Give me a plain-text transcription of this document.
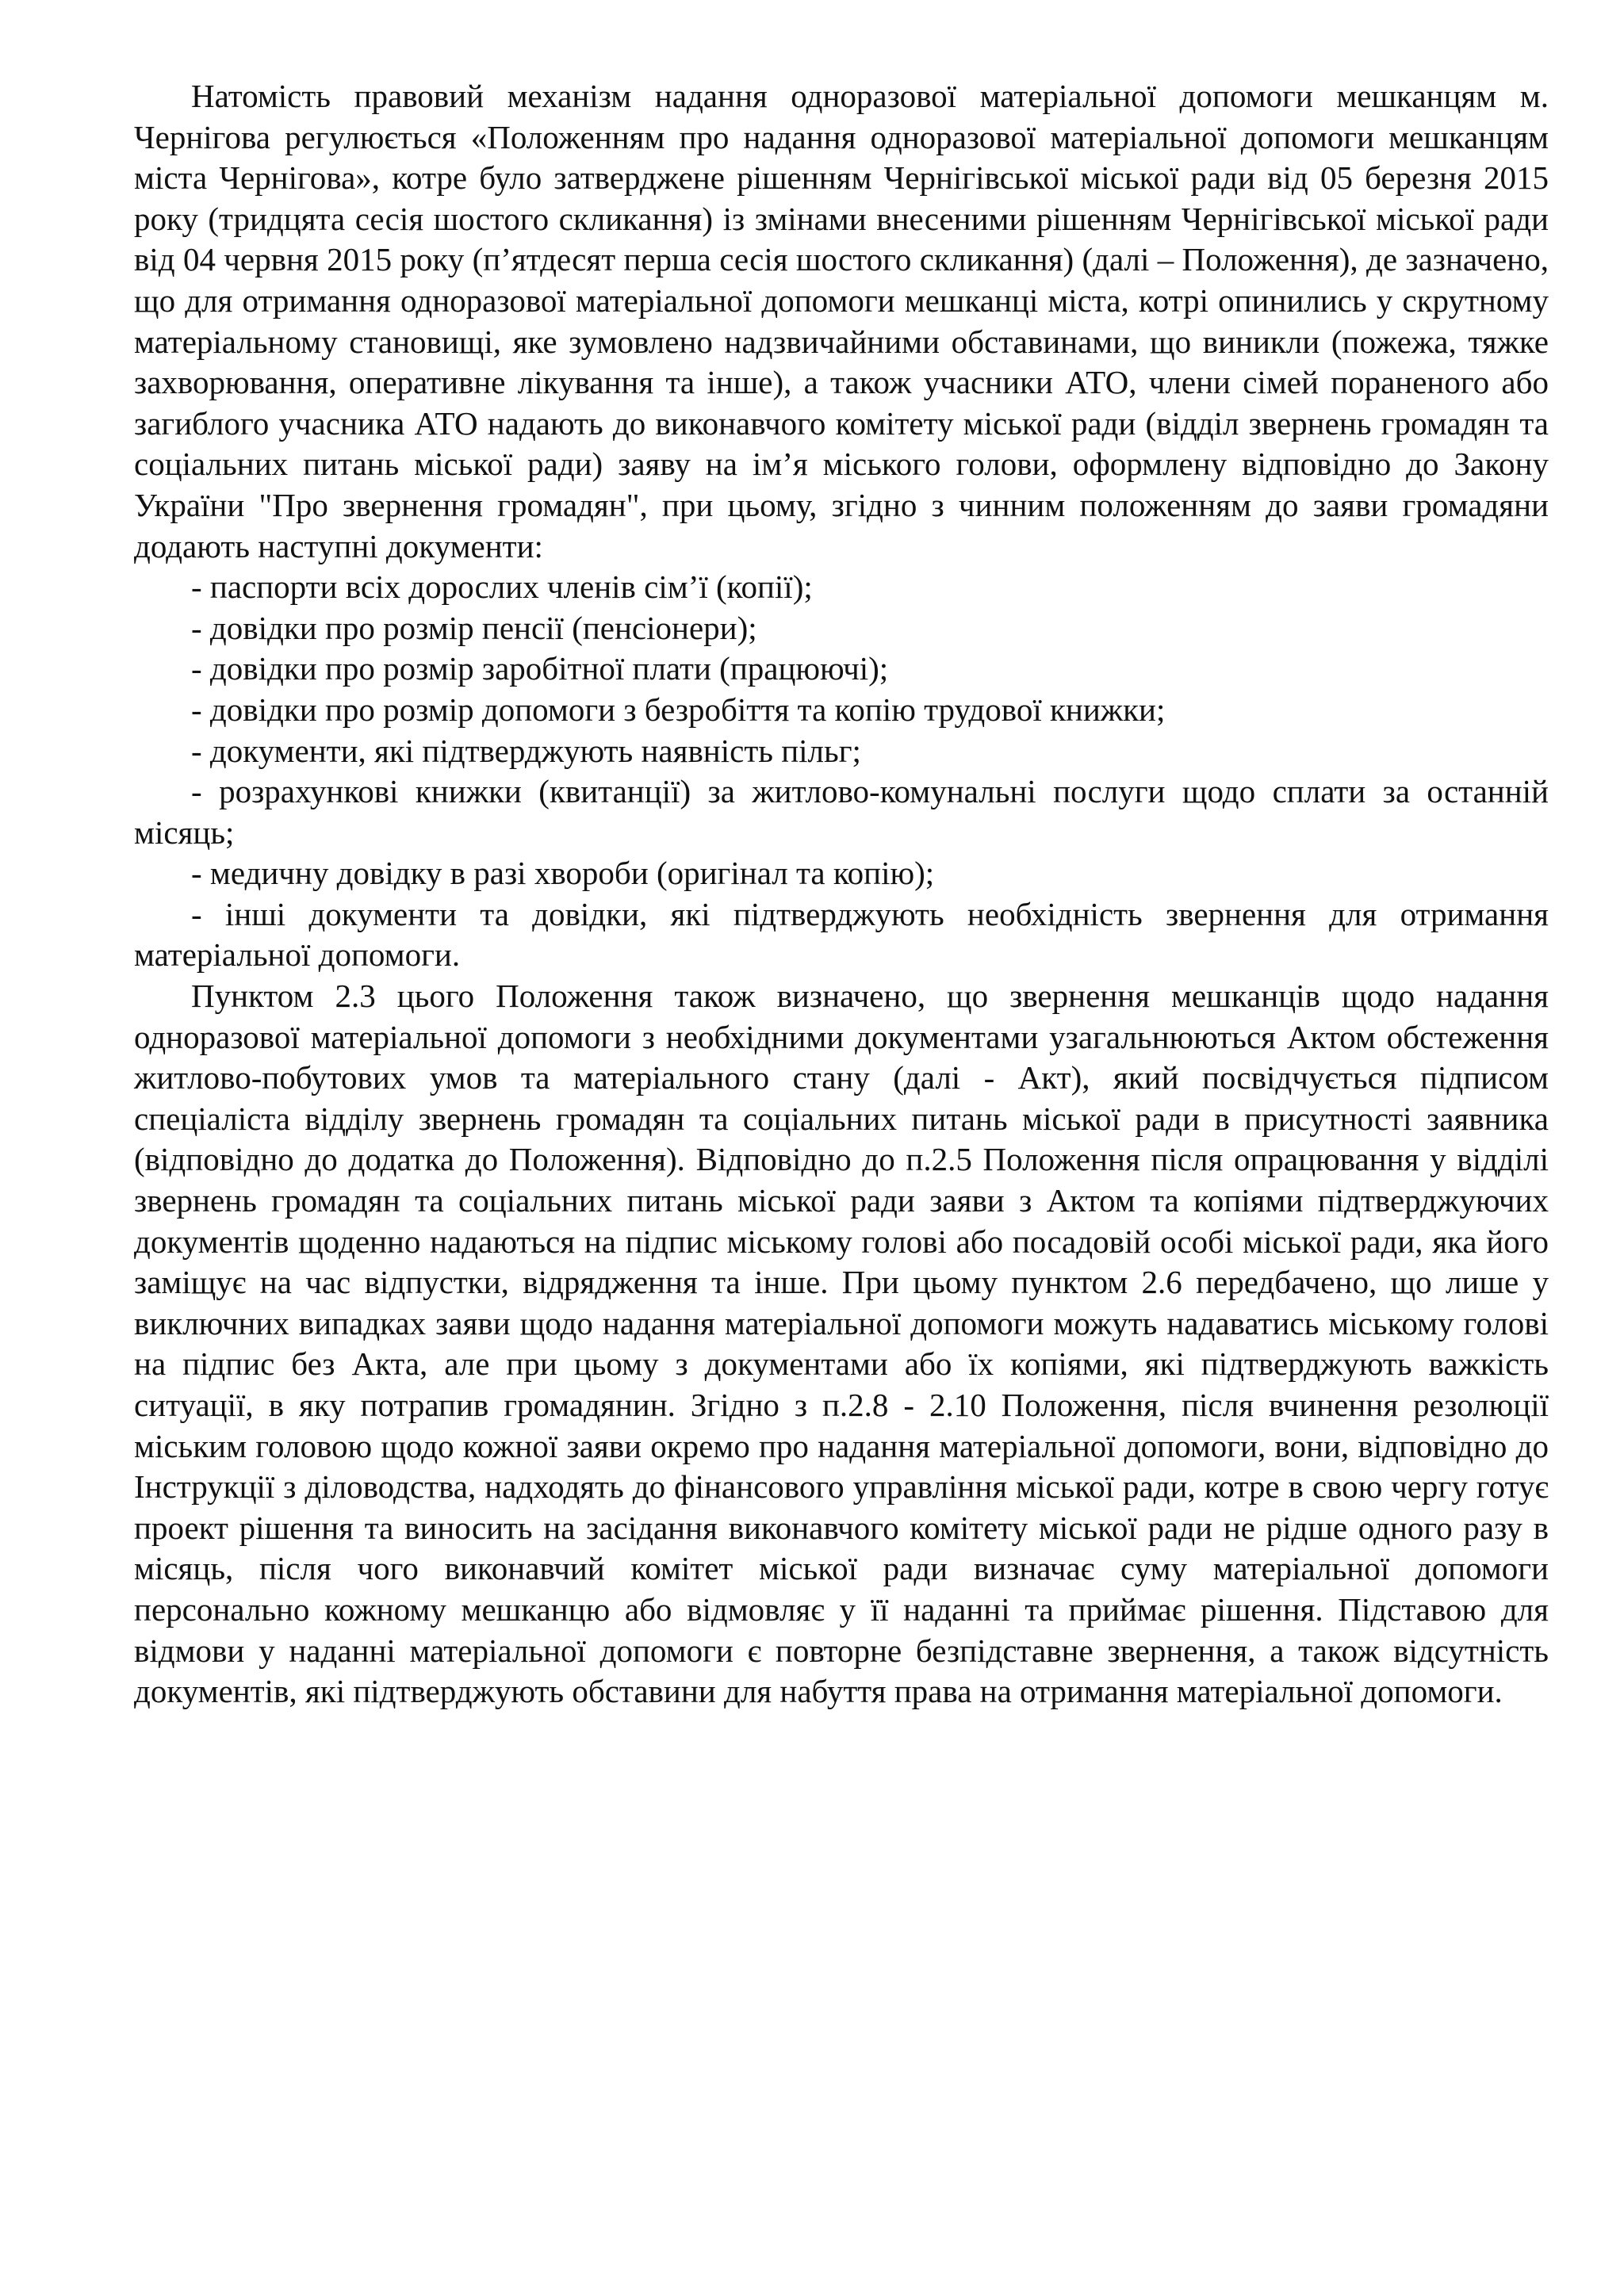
Натомість правовий механізм надання одноразової матеріальної допомоги мешканцям м. Чернігова регулюється «Положенням про надання одноразової матеріальної допомоги мешканцям міста Чернігова», котре було затверджене рішенням Чернігівської міської ради від 05 березня 2015 року (тридцята сесія шостого скликання) із змінами внесеними рішенням Чернігівської міської ради від 04 червня 2015 року (п’ятдесят перша сесія шостого скликання) (далі – Положення), де зазначено, що для отримання одноразової матеріальної допомоги мешканці міста, котрі опинились у скрутному матеріальному становищі, яке зумовлено надзвичайними обставинами, що виникли (пожежа, тяжке захворювання, оперативне лікування та інше), а також учасники АТО, члени сімей пораненого або загиблого учасника АТО надають до виконавчого комітету міської ради (відділ звернень громадян та соціальних питань міської ради) заяву на ім’я міського голови, оформлену відповідно до Закону України "Про звернення громадян", при цьому, згідно з чинним положенням до заяви громадяни додають наступні документи:

- паспорти всіх дорослих членів сім’ї (копії);
- довідки про розмір пенсії (пенсіонери);
- довідки про розмір заробітної плати (працюючі);
- довідки про розмір допомоги з безробіття та копію трудової книжки;
- документи, які підтверджують наявність пільг;
- розрахункові книжки (квитанції) за житлово-комунальні послуги щодо сплати за останній місяць;
- медичну довідку в разі хвороби (оригінал та копію);
- інші документи та довідки, які підтверджують необхідність звернення для отримання матеріальної допомоги.

Пунктом 2.3 цього Положення також визначено, що звернення мешканців щодо надання одноразової матеріальної допомоги з необхідними документами узагальнюються Актом обстеження житлово-побутових умов та матеріального стану (далі - Акт), який посвідчується підписом спеціаліста відділу звернень громадян та соціальних питань міської ради в присутності заявника (відповідно до додатка до Положення). Відповідно до п.2.5 Положення після опрацювання у відділі звернень громадян та соціальних питань міської ради заяви з Актом та копіями підтверджуючих документів щоденно надаються на підпис міському голові або посадовій особі міської ради, яка його заміщує на час відпустки, відрядження та інше. При цьому пунктом 2.6 передбачено, що лише у виключних випадках заяви щодо надання матеріальної допомоги можуть надаватись міському голові на підпис без Акта, але при цьому з документами або їх копіями, які підтверджують важкість ситуації, в яку потрапив громадянин. Згідно з п.2.8 - 2.10 Положення, після вчинення резолюції міським головою щодо кожної заяви окремо про надання матеріальної допомоги, вони, відповідно до Інструкції з діловодства, надходять до фінансового управління міської ради, котре в свою чергу готує проект рішення та виносить на засідання виконавчого комітету міської ради не рідше одного разу в місяць, після чого виконавчий комітет міської ради визначає суму матеріальної допомоги персонально кожному мешканцю або відмовляє у її наданні та приймає рішення. Підставою для відмови у наданні матеріальної допомоги є повторне безпідставне звернення, а також відсутність документів, які підтверджують обставини для набуття права на отримання матеріальної допомоги.
